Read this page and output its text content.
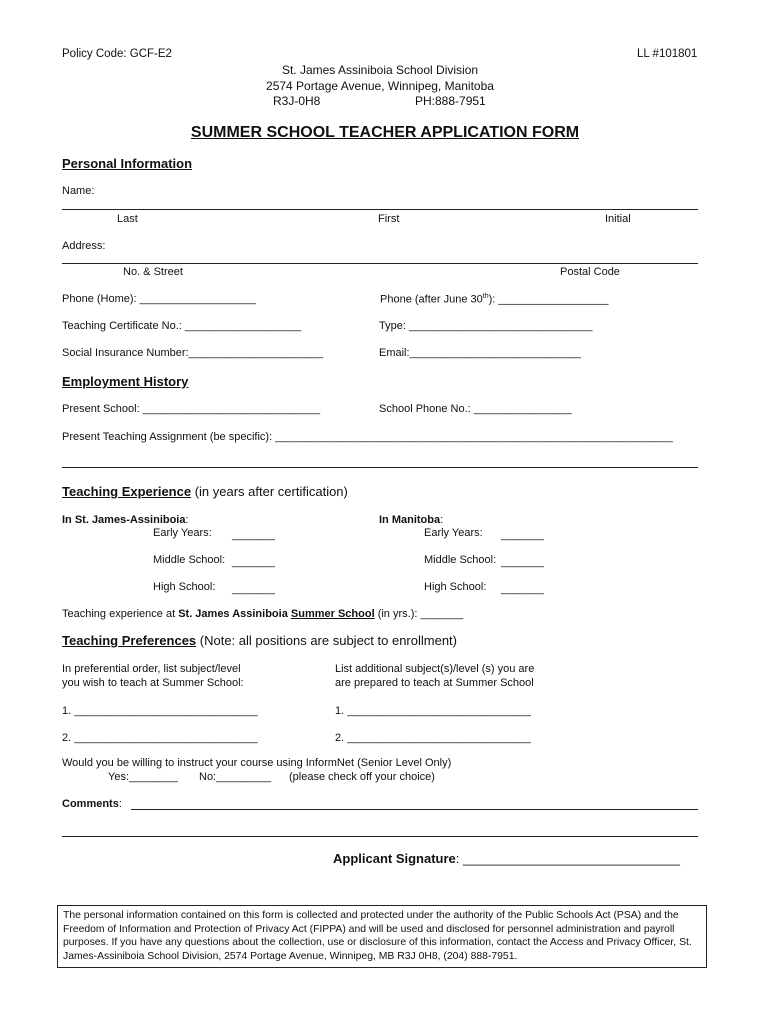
Policy Code: GCF-E2	LL #101801
St. James Assiniboia School Division
2574 Portage Avenue, Winnipeg, Manitoba
R3J-0H8	PH:888-7951
SUMMER SCHOOL TEACHER APPLICATION FORM
Personal Information
Name:
Last	First	Initial
Address:
No. & Street	Postal Code
Phone (Home): ___________________	Phone (after June 30th): __________________
Teaching Certificate No.: ___________________	Type: ______________________________
Social Insurance Number:______________________	Email:____________________________
Employment History
Present School: _____________________________	School Phone No.: ________________
Present Teaching Assignment (be specific): _________________________________________________________________
Teaching Experience (in years after certification)
In St. James-Assiniboia:	In Manitoba:
Early Years: _______	Early Years: _______
Middle School: _______	Middle School: _______
High School: _______	High School: _______
Teaching experience at St. James Assiniboia Summer School (in yrs.): _______
Teaching Preferences (Note: all positions are subject to enrollment)
In preferential order, list subject/level
you wish to teach at Summer School:
List additional subject(s)/level (s) you are
are prepared to teach at Summer School
1. ______________________________	1. ______________________________
2. ______________________________	2. ______________________________
Would you be willing to instruct your course using InformNet (Senior Level Only)
Yes:________ No:_________ (please check off your choice)
Comments:
Applicant Signature: ______________________________
The personal information contained on this form is collected and protected under the authority of the Public Schools Act (PSA) and the Freedom of Information and Protection of Privacy Act (FIPPA) and will be used and disclosed for personnel administration and payroll purposes. If you have any questions about the collection, use or disclosure of this information, contact the Access and Privacy Officer, St. James-Assiniboia School Division, 2574 Portage Avenue, Winnipeg, MB R3J 0H8, (204) 888-7951.
